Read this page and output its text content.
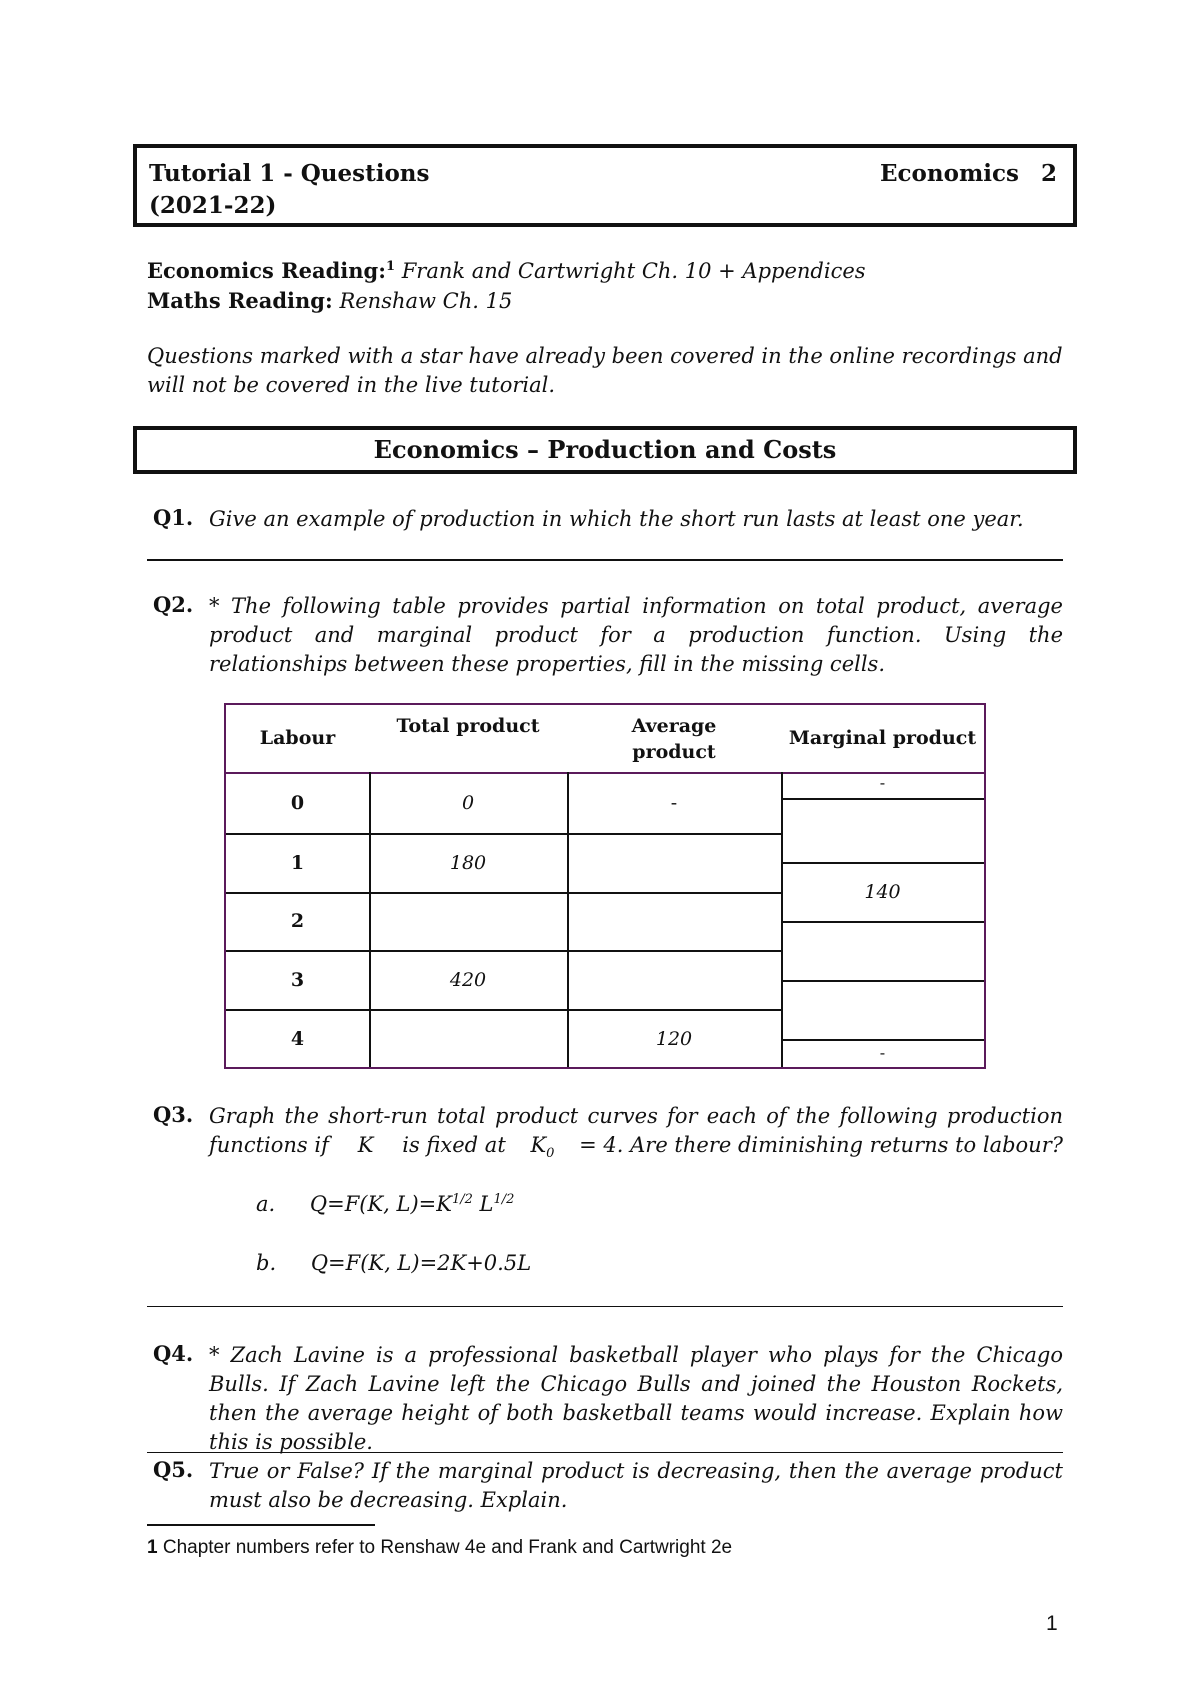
Tutorial 1 - Questions
(2021-22)
Economics 2
Economics Reading:$^1$ Frank and Cartwright Ch. 10 + Appendices
Maths Reading: Renshaw Ch. 15
Questions marked with a star have already been covered in the online recordings and will not be covered in the live tutorial.
Economics – Production and Costs
Q1. Give an example of production in which the short run lasts at least one year.
Q2. * The following table provides partial information on total product, average product and marginal product for a production function. Using the relationships between these properties, fill in the missing cells.
Labour
Total product	Average product
Marginal product
0
1
2
3
4
0
180
420
-
120
-
140
-
Q3. Graph the short-run total product curves for each of the following production functions if K is fixed at $K_0 = 4$. Are there diminishing returns to labour?
a. Q=F(K, $L)=K^{1/2}$ $L^{1/2}$
b. Q=F(K, L)=2K+0.5L
Q4. * Zach Lavine is a professional basketball player who plays for the Chicago Bulls. If Zach Lavine left the Chicago Bulls and joined the Houston Rockets, then the average height of both basketball teams would increase. Explain how this is possible.
Q5. True or False? If the marginal product is decreasing, then the average product must also be decreasing. Explain.
1 Chapter numbers refer to Renshaw 4e and Frank and Cartwright 2e
1
